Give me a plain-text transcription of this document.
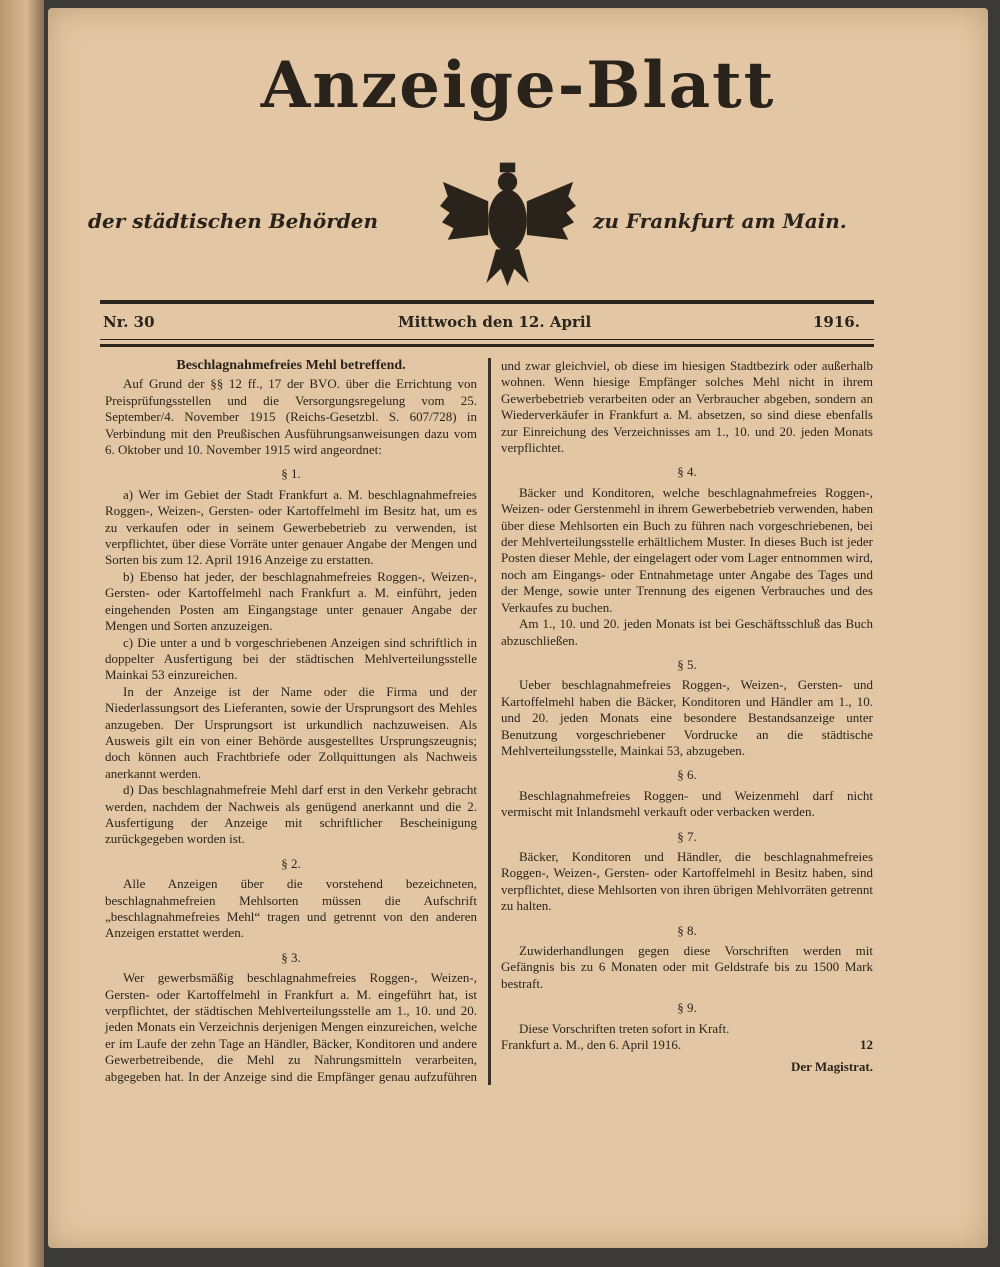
Anzeige-Blatt
der städtischen Behörden	zu Frankfurt am Main.
Nr. 30	Mittwoch den 12. April	1916.

Beschlagnahmefreies Mehl betreffend.

Auf Grund der §§ 12 ff., 17 der BVO. über die Errichtung von Preisprüfungsstellen und die Versorgungsregelung vom 25. September/4. November 1915 (Reichs-Gesetzbl. S. 607/728) in Verbindung mit den Preußischen Ausführungsanweisungen dazu vom 6. Oktober und 10. November 1915 wird angeordnet:

§ 1.

a) Wer im Gebiet der Stadt Frankfurt a. M. beschlagnahmefreies Roggen-, Weizen-, Gersten- oder Kartoffelmehl im Besitz hat, um es zu verkaufen oder in seinem Gewerbebetrieb zu verwenden, ist verpflichtet, über diese Vorräte unter genauer Angabe der Mengen und Sorten bis zum 12. April 1916 Anzeige zu erstatten.

b) Ebenso hat jeder, der beschlagnahmefreies Roggen-, Weizen-, Gersten- oder Kartoffelmehl nach Frankfurt a. M. einführt, jeden eingehenden Posten am Eingangstage unter genauer Angabe der Mengen und Sorten anzuzeigen.

c) Die unter a und b vorgeschriebenen Anzeigen sind schriftlich in doppelter Ausfertigung bei der städtischen Mehlverteilungsstelle Mainkai 53 einzureichen.

In der Anzeige ist der Name oder die Firma und der Niederlassungsort des Lieferanten, sowie der Ursprungsort des Mehles anzugeben. Der Ursprungsort ist urkundlich nachzuweisen. Als Ausweis gilt ein von einer Behörde ausgestelltes Ursprungszeugnis; doch können auch Frachtbriefe oder Zollquittungen als Nachweis anerkannt werden.

d) Das beschlagnahmefreie Mehl darf erst in den Verkehr gebracht werden, nachdem der Nachweis als genügend anerkannt und die 2. Ausfertigung der Anzeige mit schriftlicher Bescheinigung zurückgegeben worden ist.

§ 2.

Alle Anzeigen über die vorstehend bezeichneten, beschlagnahmefreien Mehlsorten müssen die Aufschrift „beschlagnahmefreies Mehl“ tragen und getrennt von den anderen Anzeigen erstattet werden.

§ 3.

Wer gewerbsmäßig beschlagnahmefreies Roggen-, Weizen-, Gersten- oder Kartoffelmehl in Frankfurt a. M. eingeführt hat, ist verpflichtet, der städtischen Mehlverteilungsstelle am 1., 10. und 20. jeden Monats ein Verzeichnis derjenigen Mengen einzureichen, welche er im Laufe der zehn Tage an Händler, Bäcker, Konditoren und andere Gewerbetreibende, die Mehl zu Nahrungsmitteln verarbeiten, abgegeben hat. In der Anzeige sind die Empfänger genau aufzuführen und zwar gleichviel, ob diese im hiesigen Stadtbezirk oder außerhalb wohnen. Wenn hiesige Empfänger solches Mehl nicht in ihrem Gewerbebetrieb verarbeiten oder an Verbraucher abgeben, sondern an Wiederverkäufer in Frankfurt a. M. absetzen, so sind diese ebenfalls zur Einreichung des Verzeichnisses am 1., 10. und 20. jeden Monats verpflichtet.

§ 4.

Bäcker und Konditoren, welche beschlagnahmefreies Roggen-, Weizen- oder Gerstenmehl in ihrem Gewerbebetrieb verwenden, haben über diese Mehlsorten ein Buch zu führen nach vorgeschriebenen, bei der Mehlverteilungsstelle erhältlichem Muster. In dieses Buch ist jeder Posten dieser Mehle, der eingelagert oder vom Lager entnommen wird, noch am Eingangs- oder Entnahmetage unter Angabe des Tages und der Menge, sowie unter Trennung des eigenen Verbrauches und des Verkaufes zu buchen.

Am 1., 10. und 20. jeden Monats ist bei Geschäftsschluß das Buch abzuschließen.

§ 5.

Ueber beschlagnahmefreies Roggen-, Weizen-, Gersten- und Kartoffelmehl haben die Bäcker, Konditoren und Händler am 1., 10. und 20. jeden Monats eine besondere Bestandsanzeige unter Benutzung vorgeschriebener Vordrucke an die städtische Mehlverteilungsstelle, Mainkai 53, abzugeben.

§ 6.

Beschlagnahmefreies Roggen- und Weizenmehl darf nicht vermischt mit Inlandsmehl verkauft oder verbacken werden.

§ 7.

Bäcker, Konditoren und Händler, die beschlagnahmefreies Roggen-, Weizen-, Gersten- oder Kartoffelmehl in Besitz haben, sind verpflichtet, diese Mehlsorten von ihren übrigen Mehlvorräten getrennt zu halten.

§ 8.

Zuwiderhandlungen gegen diese Vorschriften werden mit Gefängnis bis zu 6 Monaten oder mit Geldstrafe bis zu 1500 Mark bestraft.

§ 9.

Diese Vorschriften treten sofort in Kraft.

Frankfurt a. M., den 6. April 1916.	12

Der Magistrat.
